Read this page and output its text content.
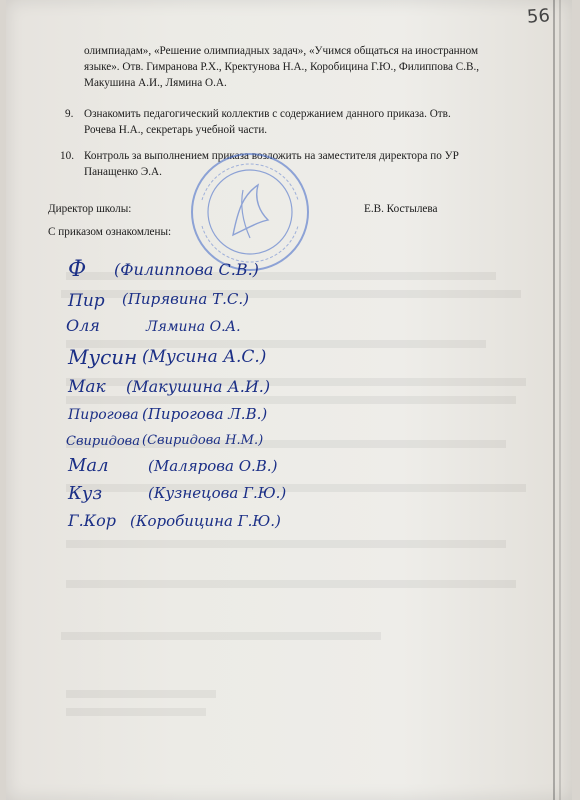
56
олимпиадам», «Решение олимпиадных задач», «Учимся общаться на иностранном
языке». Отв. Гимранова Р.Х., Кректунова Н.А., Коробицина Г.Ю., Филиппова С.В.,
Макушина А.И., Лямина О.А.
9. Ознакомить педагогический коллектив с содержанием данного приказа. Отв.
Рочева Н.А., секретарь учебной части.
10. Контроль за выполнением приказа возложить на заместителя директора по УР
Панащенко Э.А.
Директор школы:	Е.В. Костылева
С приказом ознакомлены:
Ф (Филиппова С.В.)
Пир (Пирявина Т.С.)
Оля	Лямина О.А.
Мусин (Мусина А.С.)
Мак (Макушина А.И.)
Пирогова (Пирогова Л.В.)
Свиридова (Свиридова Н.М.)
Мал	(Малярова О.В.)
Куз	(Кузнецова Г.Ю.)
Г.Кор (Коробицина Г.Ю.)
